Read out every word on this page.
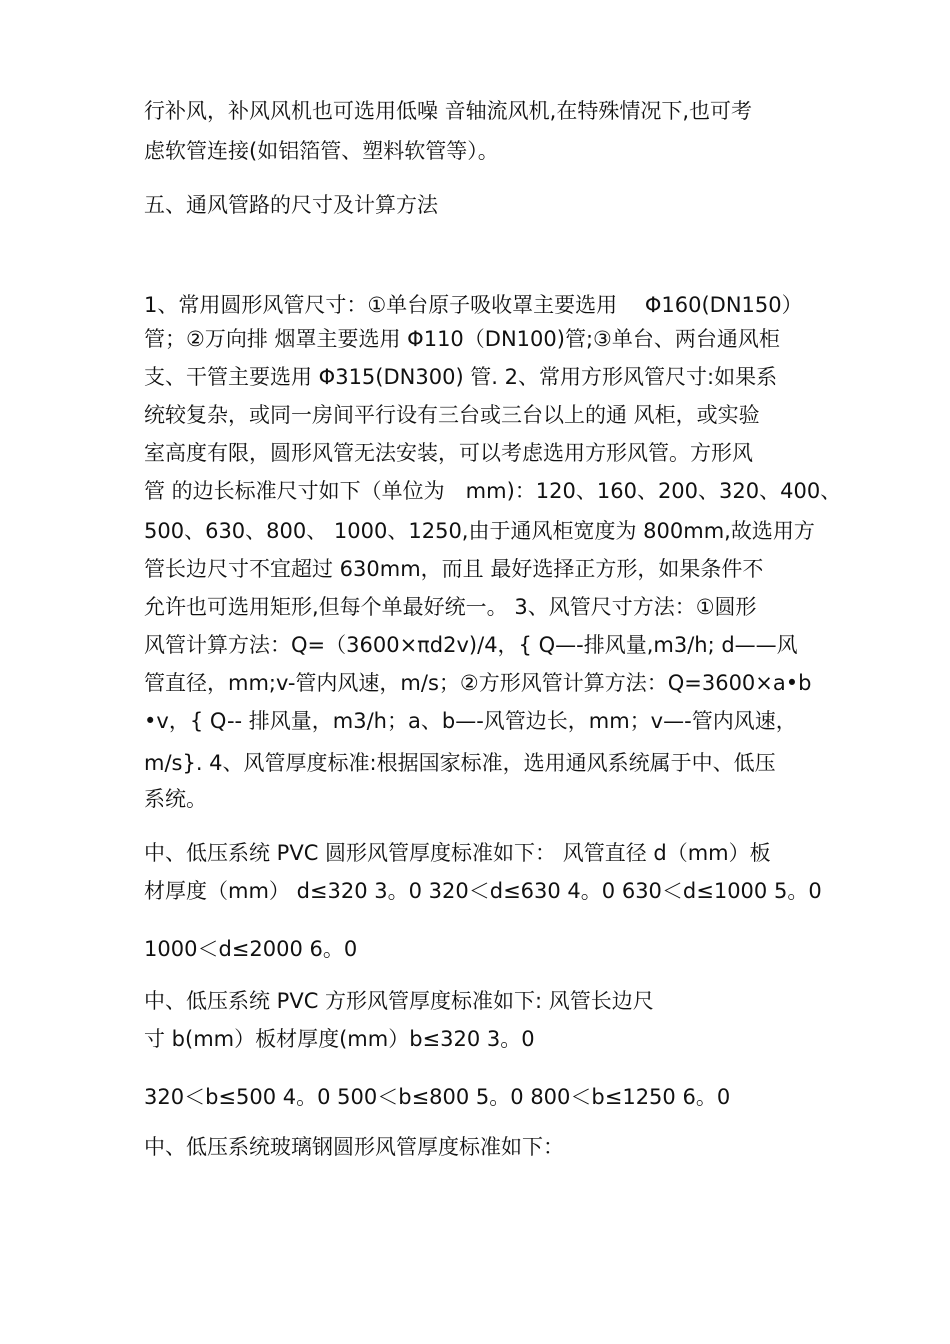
行补风，补风风机也可选用低噪 音轴流风机,在特殊情况下,也可考
虑软管连接(如铝箔管、塑料软管等）。
五、通风管路的尺寸及计算方法
1、常用圆形风管尺寸：①单台原子吸收罩主要选用　 Φ160(DN150）
管；②万向排 烟罩主要选用 Φ110（DN100)管;③单台、两台通风柜
支、干管主要选用 Φ315(DN300) 管. 2、常用方形风管尺寸:如果系
统较复杂，或同一房间平行设有三台或三台以上的通 风柜，或实验
室高度有限，圆形风管无法安装，可以考虑选用方形风管。方形风
管 的边长标准尺寸如下（单位为　mm)：120、160、200、320、400、
500、630、800、 1000、1250,由于通风柜宽度为 800mm,故选用方
管长边尺寸不宜超过 630mm，而且 最好选择正方形，如果条件不
允许也可选用矩形,但每个单最好统一。 3、风管尺寸方法：①圆形
风管计算方法：Q=（3600×πd2v)/4，{ Q—-排风量,m3/h; d——风
管直径，mm;v-管内风速，m/s；②方形风管计算方法：Q=3600×a•b
•v，{ Q-- 排风量，m3/h；a、b—-风管边长，mm；v—-管内风速，
m/s}. 4、风管厚度标准:根据国家标准，选用通风系统属于中、低压
系统。
中、低压系统 PVC 圆形风管厚度标准如下： 风管直径 d（mm）板
材厚度（mm） d≤320 3。0 320＜d≤630 4。0 630＜d≤1000 5。0
1000＜d≤2000 6。0
中、低压系统 PVC 方形风管厚度标准如下: 风管长边尺
寸 b(mm）板材厚度(mm）b≤320 3。0
320＜b≤500 4。0 500＜b≤800 5。0 800＜b≤1250 6。0
中、低压系统玻璃钢圆形风管厚度标准如下：
